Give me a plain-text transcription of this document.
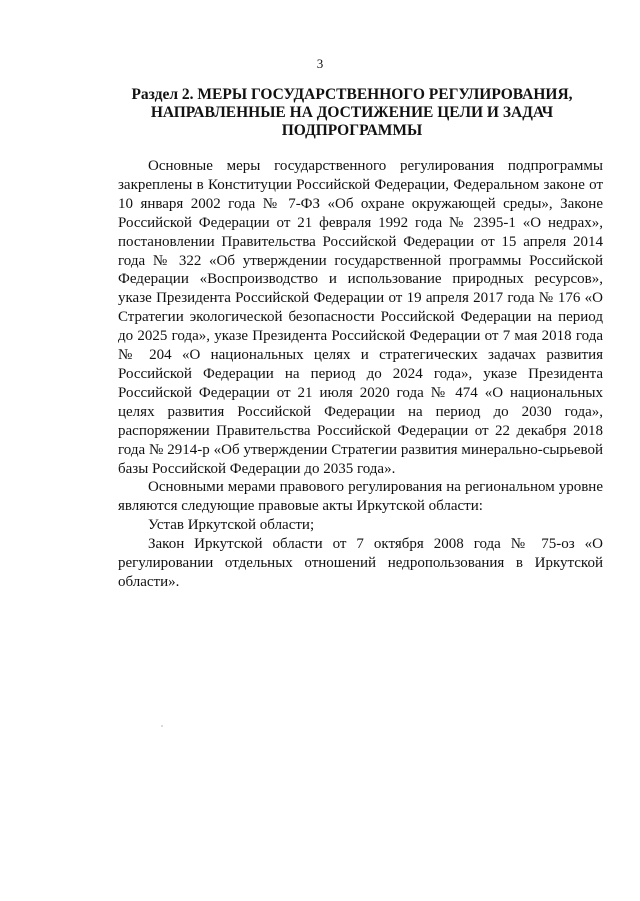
3
Раздел 2. МЕРЫ ГОСУДАРСТВЕННОГО РЕГУЛИРОВАНИЯ,
НАПРАВЛЕННЫЕ НА ДОСТИЖЕНИЕ ЦЕЛИ И ЗАДАЧ
ПОДПРОГРАММЫ

Основные меры государственного регулирования подпрограммы закреплены в Конституции Российской Федерации, Федеральном законе от 10 января 2002 года № 7-ФЗ «Об охране окружающей среды», Законе Российской Федерации от 21 февраля 1992 года № 2395-1 «О недрах», постановлении Правительства Российской Федерации от 15 апреля 2014 года № 322 «Об утверждении государственной программы Российской Федерации «Воспроизводство и использование природных ресурсов», указе Президента Российской Федерации от 19 апреля 2017 года № 176 «О Стратегии экологической безопасности Российской Федерации на период до 2025 года», указе Президента Российской Федерации от 7 мая 2018 года № 204 «О национальных целях и стратегических задачах развития Российской Федерации на период до 2024 года», указе Президента Российской Федерации от 21 июля 2020 года № 474 «О национальных целях развития Российской Федерации на период до 2030 года», распоряжении Правительства Российской Федерации от 22 декабря 2018 года № 2914-р «Об утверждении Стратегии развития минерально-сырьевой базы Российской Федерации до 2035 года».

Основными мерами правового регулирования на региональном уровне являются следующие правовые акты Иркутской области:

Устав Иркутской области;

Закон Иркутской области от 7 октября 2008 года № 75-оз «О регулировании отдельных отношений недропользования в Иркутской области».
